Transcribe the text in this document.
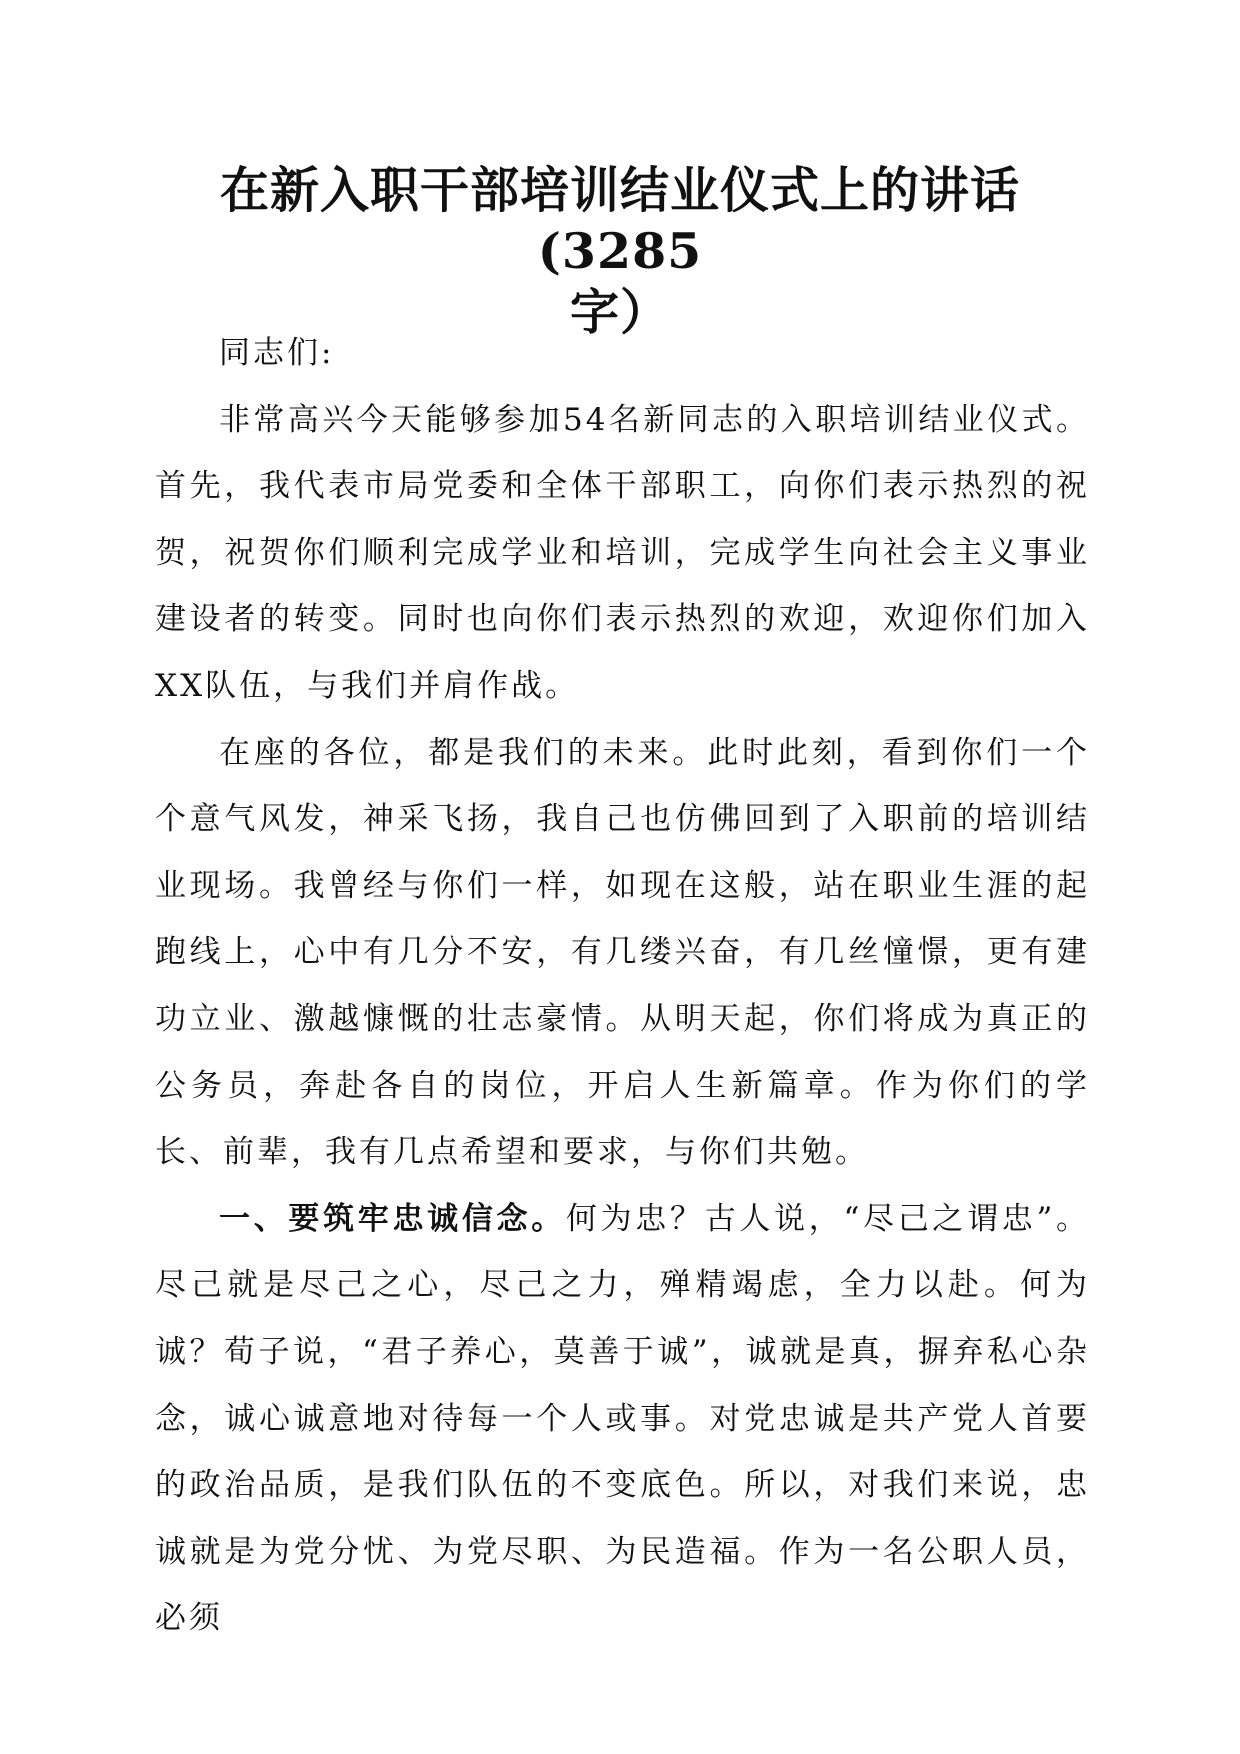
在新入职干部培训结业仪式上的讲话(3285
字）

同志们:

非常高兴今天能够参加54名新同志的入职培训结业仪式。首先，我代表市局党委和全体干部职工，向你们表示热烈的祝贺，祝贺你们顺利完成学业和培训，完成学生向社会主义事业建设者的转变。同时也向你们表示热烈的欢迎，欢迎你们加入XX队伍，与我们并肩作战。

在座的各位，都是我们的未来。此时此刻，看到你们一个个意气风发，神采飞扬，我自己也仿佛回到了入职前的培训结业现场。我曾经与你们一样，如现在这般，站在职业生涯的起跑线上，心中有几分不安，有几缕兴奋，有几丝憧憬，更有建功立业、激越慷慨的壮志豪情。从明天起，你们将成为真正的公务员，奔赴各自的岗位，开启人生新篇章。作为你们的学长、前辈，我有几点希望和要求，与你们共勉。

一、要筑牢忠诚信念。何为忠？古人说，“尽己之谓忠”。尽己就是尽己之心，尽己之力，殚精竭虑，全力以赴。何为诚？荀子说，“君子养心，莫善于诚”，诚就是真，摒弃私心杂念，诚心诚意地对待每一个人或事。对党忠诚是共产党人首要的政治品质，是我们队伍的不变底色。所以，对我们来说，忠诚就是为党分忧、为党尽职、为民造福。作为一名公职人员，必须
